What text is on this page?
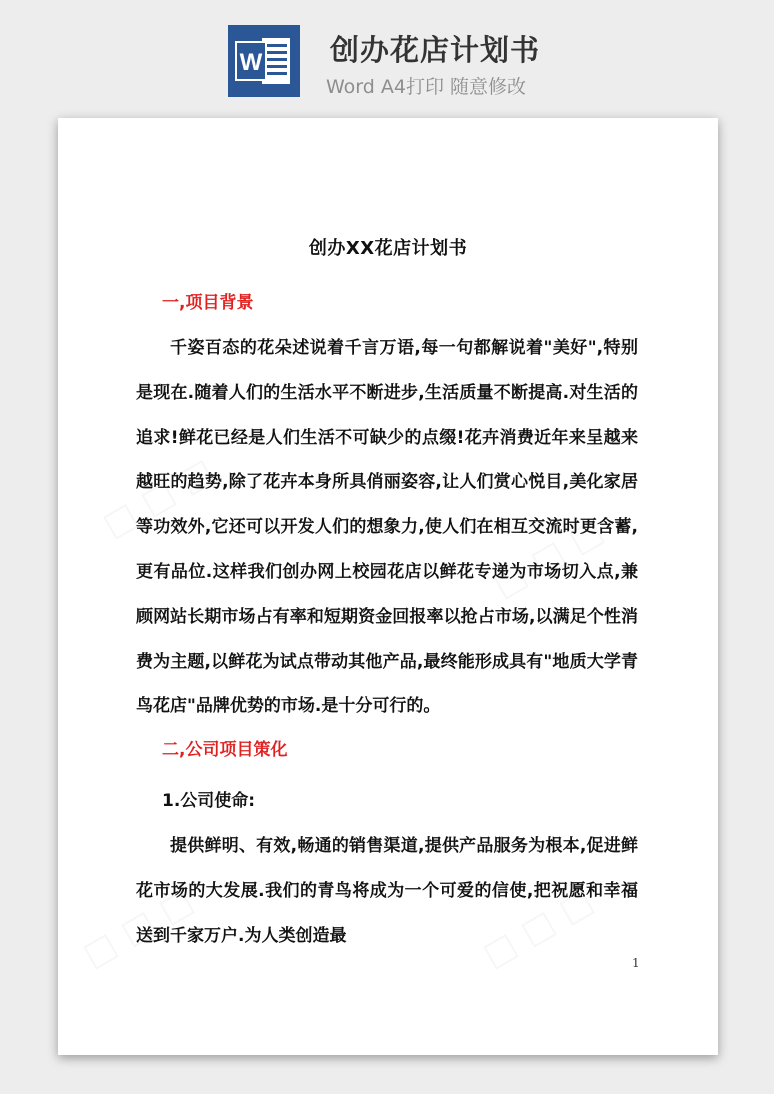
W 创办花店计划书
Word A4打印 随意修改
创办XX花店计划书
一,项目背景

千姿百态的花朵述说着千言万语,每一句都解说着"美好",特别是现在.随着人们的生活水平不断进步,生活质量不断提高.对生活的追求!鲜花已经是人们生活不可缺少的点缀!花卉消费近年来呈越来越旺的趋势,除了花卉本身所具俏丽姿容,让人们赏心悦目,美化家居等功效外,它还可以开发人们的想象力,使人们在相互交流时更含蓄,更有品位.这样我们创办网上校园花店以鲜花专递为市场切入点,兼顾网站长期市场占有率和短期资金回报率以抢占市场,以满足个性消费为主题,以鲜花为试点带动其他产品,最终能形成具有"地质大学青鸟花店"品牌优势的市场.是十分可行的。

二,公司项目策化
1.公司使命:

提供鲜明、有效,畅通的销售渠道,提供产品服务为根本,促进鲜花市场的大发展.我们的青鸟将成为一个可爱的信使,把祝愿和幸福送到千家万户.为人类创造最

1
